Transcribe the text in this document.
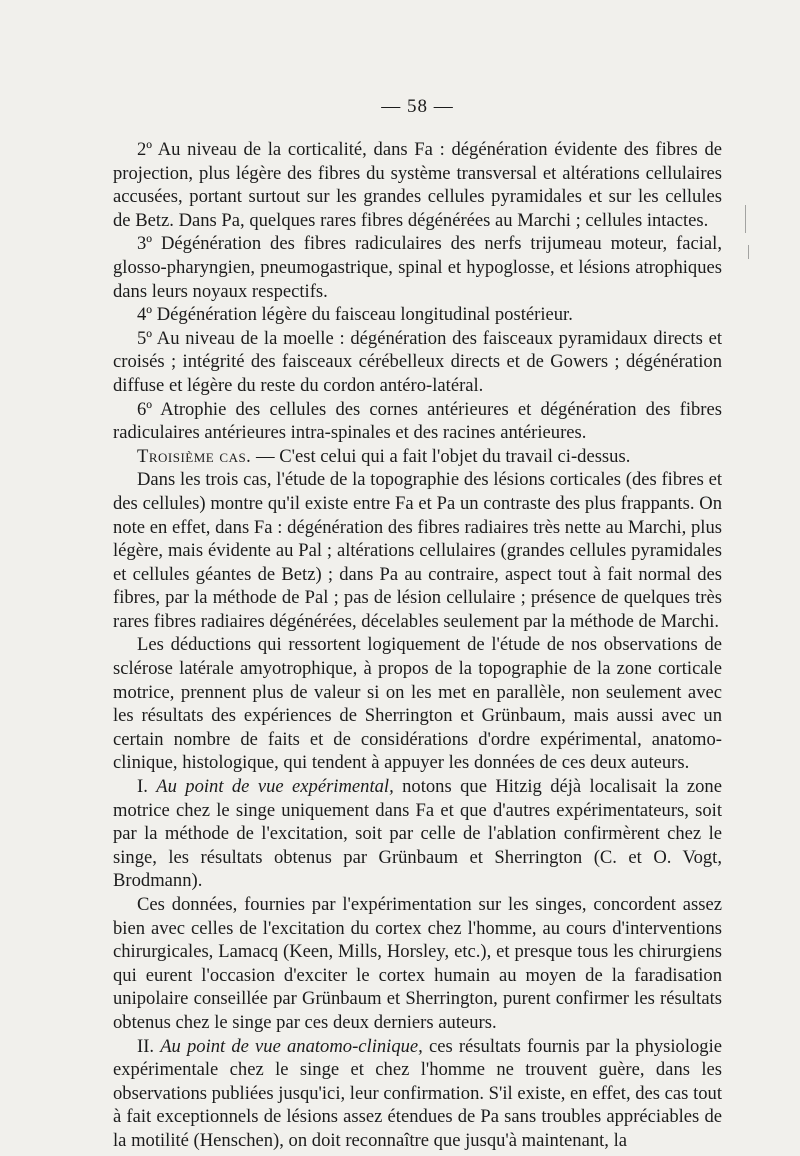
— 58 —

2º Au niveau de la corticalité, dans Fa : dégénération évidente des fibres de projection, plus légère des fibres du système transversal et altérations cellulaires accusées, portant surtout sur les grandes cellules pyramidales et sur les cellules de Betz. Dans Pa, quelques rares fibres dégénérées au Marchi ; cellules intactes.

3º Dégénération des fibres radiculaires des nerfs trijumeau moteur, facial, glosso-pharyngien, pneumogastrique, spinal et hypoglosse, et lésions atrophiques dans leurs noyaux respectifs.

4º Dégénération légère du faisceau longitudinal postérieur.

5º Au niveau de la moelle : dégénération des faisceaux pyramidaux directs et croisés ; intégrité des faisceaux cérébelleux directs et de Gowers ; dégénération diffuse et légère du reste du cordon antéro-latéral.

6º Atrophie des cellules des cornes antérieures et dégénération des fibres radiculaires antérieures intra-spinales et des racines antérieures.

Troisième cas. — C'est celui qui a fait l'objet du travail ci-dessus.

Dans les trois cas, l'étude de la topographie des lésions corticales (des fibres et des cellules) montre qu'il existe entre Fa et Pa un contraste des plus frappants. On note en effet, dans Fa : dégénération des fibres radiaires très nette au Marchi, plus légère, mais évidente au Pal ; altérations cellulaires (grandes cellules pyramidales et cellules géantes de Betz) ; dans Pa au contraire, aspect tout à fait normal des fibres, par la méthode de Pal ; pas de lésion cellulaire ; présence de quelques très rares fibres radiaires dégénérées, décelables seulement par la méthode de Marchi.

Les déductions qui ressortent logiquement de l'étude de nos observations de sclérose latérale amyotrophique, à propos de la topographie de la zone corticale motrice, prennent plus de valeur si on les met en parallèle, non seulement avec les résultats des expériences de Sherrington et Grünbaum, mais aussi avec un certain nombre de faits et de considérations d'ordre expérimental, anatomo-clinique, histologique, qui tendent à appuyer les données de ces deux auteurs.

I. Au point de vue expérimental, notons que Hitzig déjà localisait la zone motrice chez le singe uniquement dans Fa et que d'autres expérimentateurs, soit par la méthode de l'excitation, soit par celle de l'ablation confirmèrent chez le singe, les résultats obtenus par Grünbaum et Sherrington (C. et O. Vogt, Brodmann).

Ces données, fournies par l'expérimentation sur les singes, concordent assez bien avec celles de l'excitation du cortex chez l'homme, au cours d'interventions chirurgicales, Lamacq (Keen, Mills, Horsley, etc.), et presque tous les chirurgiens qui eurent l'occasion d'exciter le cortex humain au moyen de la faradisation unipolaire conseillée par Grünbaum et Sherrington, purent confirmer les résultats obtenus chez le singe par ces deux derniers auteurs.

II. Au point de vue anatomo-clinique, ces résultats fournis par la physiologie expérimentale chez le singe et chez l'homme ne trouvent guère, dans les observations publiées jusqu'ici, leur confirmation. S'il existe, en effet, des cas tout à fait exceptionnels de lésions assez étendues de Pa sans troubles appréciables de la motilité (Henschen), on doit reconnaître que jusqu'à maintenant, la
